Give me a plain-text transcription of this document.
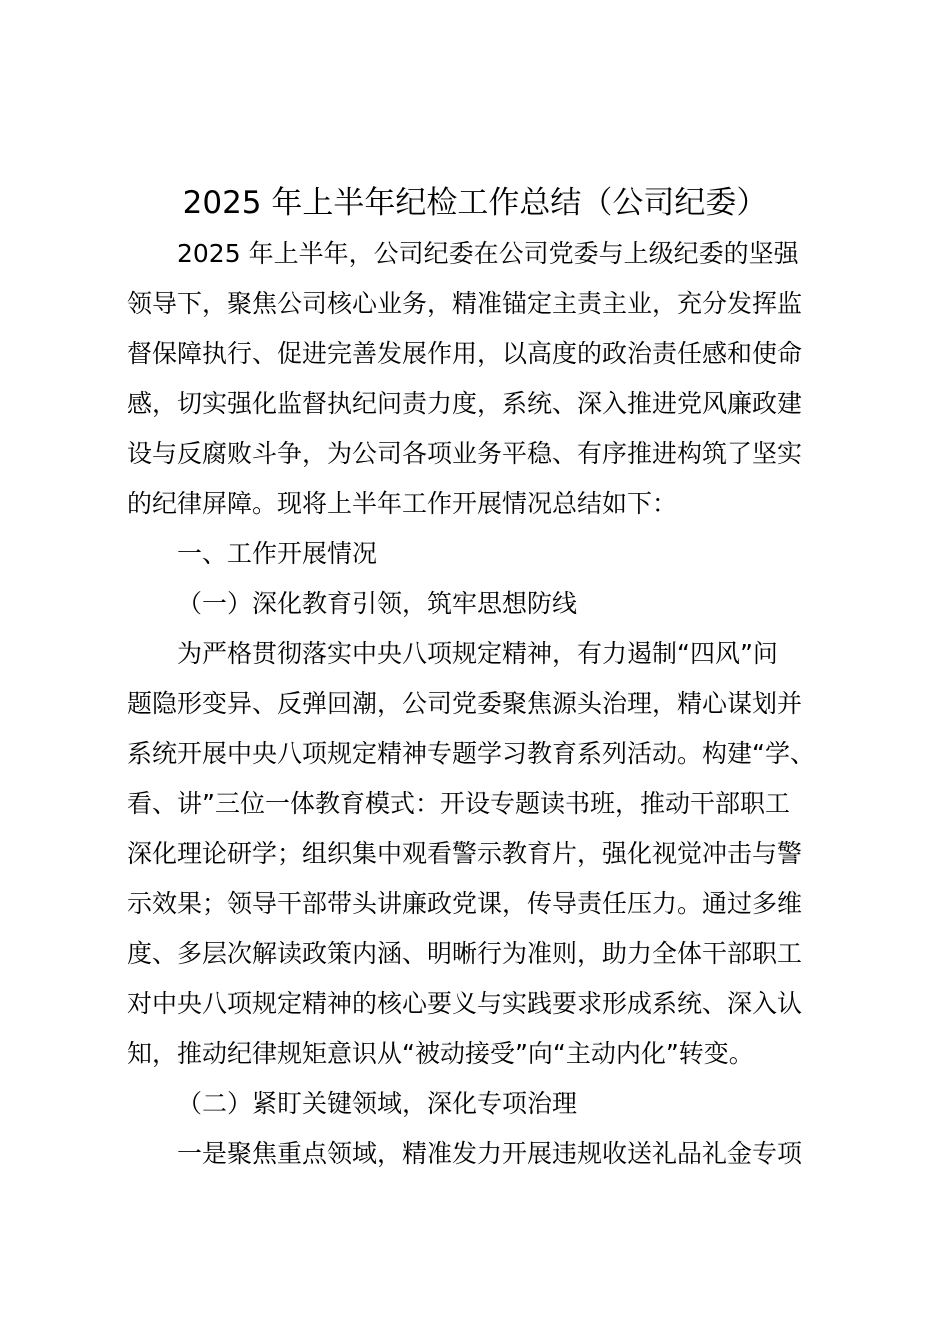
2025 年上半年纪检工作总结（公司纪委）
2025 年上半年，公司纪委在公司党委与上级纪委的坚强
领导下，聚焦公司核心业务，精准锚定主责主业，充分发挥监
督保障执行、促进完善发展作用，以高度的政治责任感和使命
感，切实强化监督执纪问责力度，系统、深入推进党风廉政建
设与反腐败斗争，为公司各项业务平稳、有序推进构筑了坚实
的纪律屏障。现将上半年工作开展情况总结如下：
一、工作开展情况
（一）深化教育引领，筑牢思想防线
为严格贯彻落实中央八项规定精神，有力遏制“四风”问
题隐形变异、反弹回潮，公司党委聚焦源头治理，精心谋划并
系统开展中央八项规定精神专题学习教育系列活动。构建“学、
看、讲”三位一体教育模式：开设专题读书班，推动干部职工
深化理论研学；组织集中观看警示教育片，强化视觉冲击与警
示效果；领导干部带头讲廉政党课，传导责任压力。通过多维
度、多层次解读政策内涵、明晰行为准则，助力全体干部职工
对中央八项规定精神的核心要义与实践要求形成系统、深入认
知，推动纪律规矩意识从“被动接受”向“主动内化”转变。
（二）紧盯关键领域，深化专项治理
一是聚焦重点领域，精准发力开展违规收送礼品礼金专项
